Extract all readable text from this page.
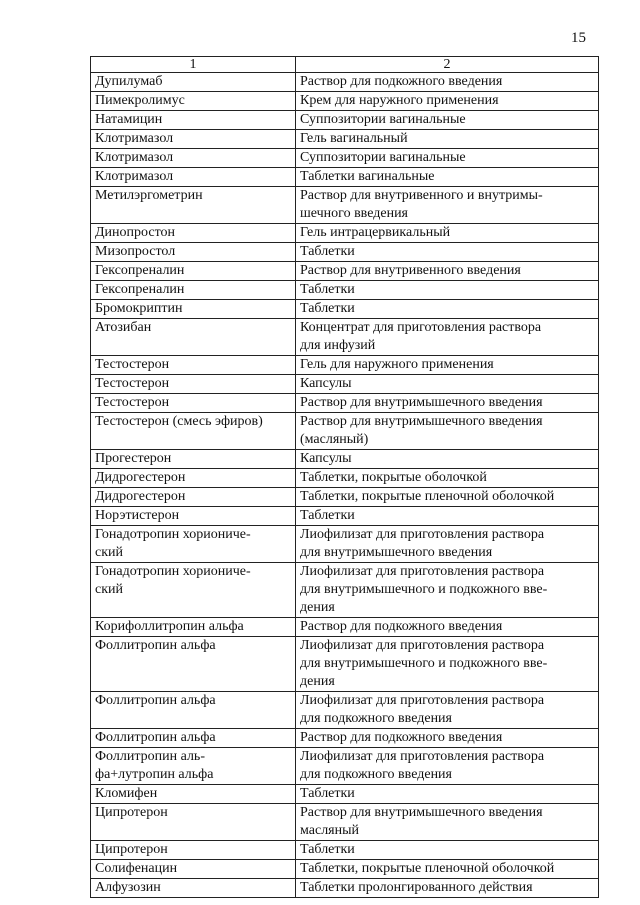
15
1	2
Дупилумаб	Раствор для подкожного введения
Пимекролимус	Крем для наружного применения
Натамицин	Суппозитории вагинальные
Клотримазол	Гель вагинальный
Клотримазол	Суппозитории вагинальные
Клотримазол	Таблетки вагинальные
Метилэргометрин	Раствор для внутривенного и внутримы-
шечного введения
Динопростон	Гель интрацервикальный
Мизопростол	Таблетки
Гексопреналин	Раствор для внутривенного введения
Гексопреналин	Таблетки
Бромокриптин	Таблетки
Атозибан	Концентрат для приготовления раствора
для инфузий
Тестостерон	Гель для наружного применения
Тестостерон	Капсулы
Тестостерон	Раствор для внутримышечного введения
Тестостерон (смесь эфиров)	Раствор для внутримышечного введения
(масляный)
Прогестерон	Капсулы
Дидрогестерон	Таблетки, покрытые оболочкой
Дидрогестерон	Таблетки, покрытые пленочной оболочкой
Норэтистерон	Таблетки
Гонадотропин хориониче-
ский	Лиофилизат для приготовления раствора
для внутримышечного введения
Гонадотропин хориониче-
ский	Лиофилизат для приготовления раствора
для внутримышечного и подкожного вве-
дения
Корифоллитропин альфа	Раствор для подкожного введения
Фоллитропин альфа	Лиофилизат для приготовления раствора
для внутримышечного и подкожного вве-
дения
Фоллитропин альфа	Лиофилизат для приготовления раствора
для подкожного введения
Фоллитропин альфа	Раствор для подкожного введения
Фоллитропин аль-
фа+лутропин альфа	Лиофилизат для приготовления раствора
для подкожного введения
Кломифен	Таблетки
Ципротерон	Раствор для внутримышечного введения
масляный
Ципротерон	Таблетки
Солифенацин	Таблетки, покрытые пленочной оболочкой
Алфузозин	Таблетки пролонгированного действия
